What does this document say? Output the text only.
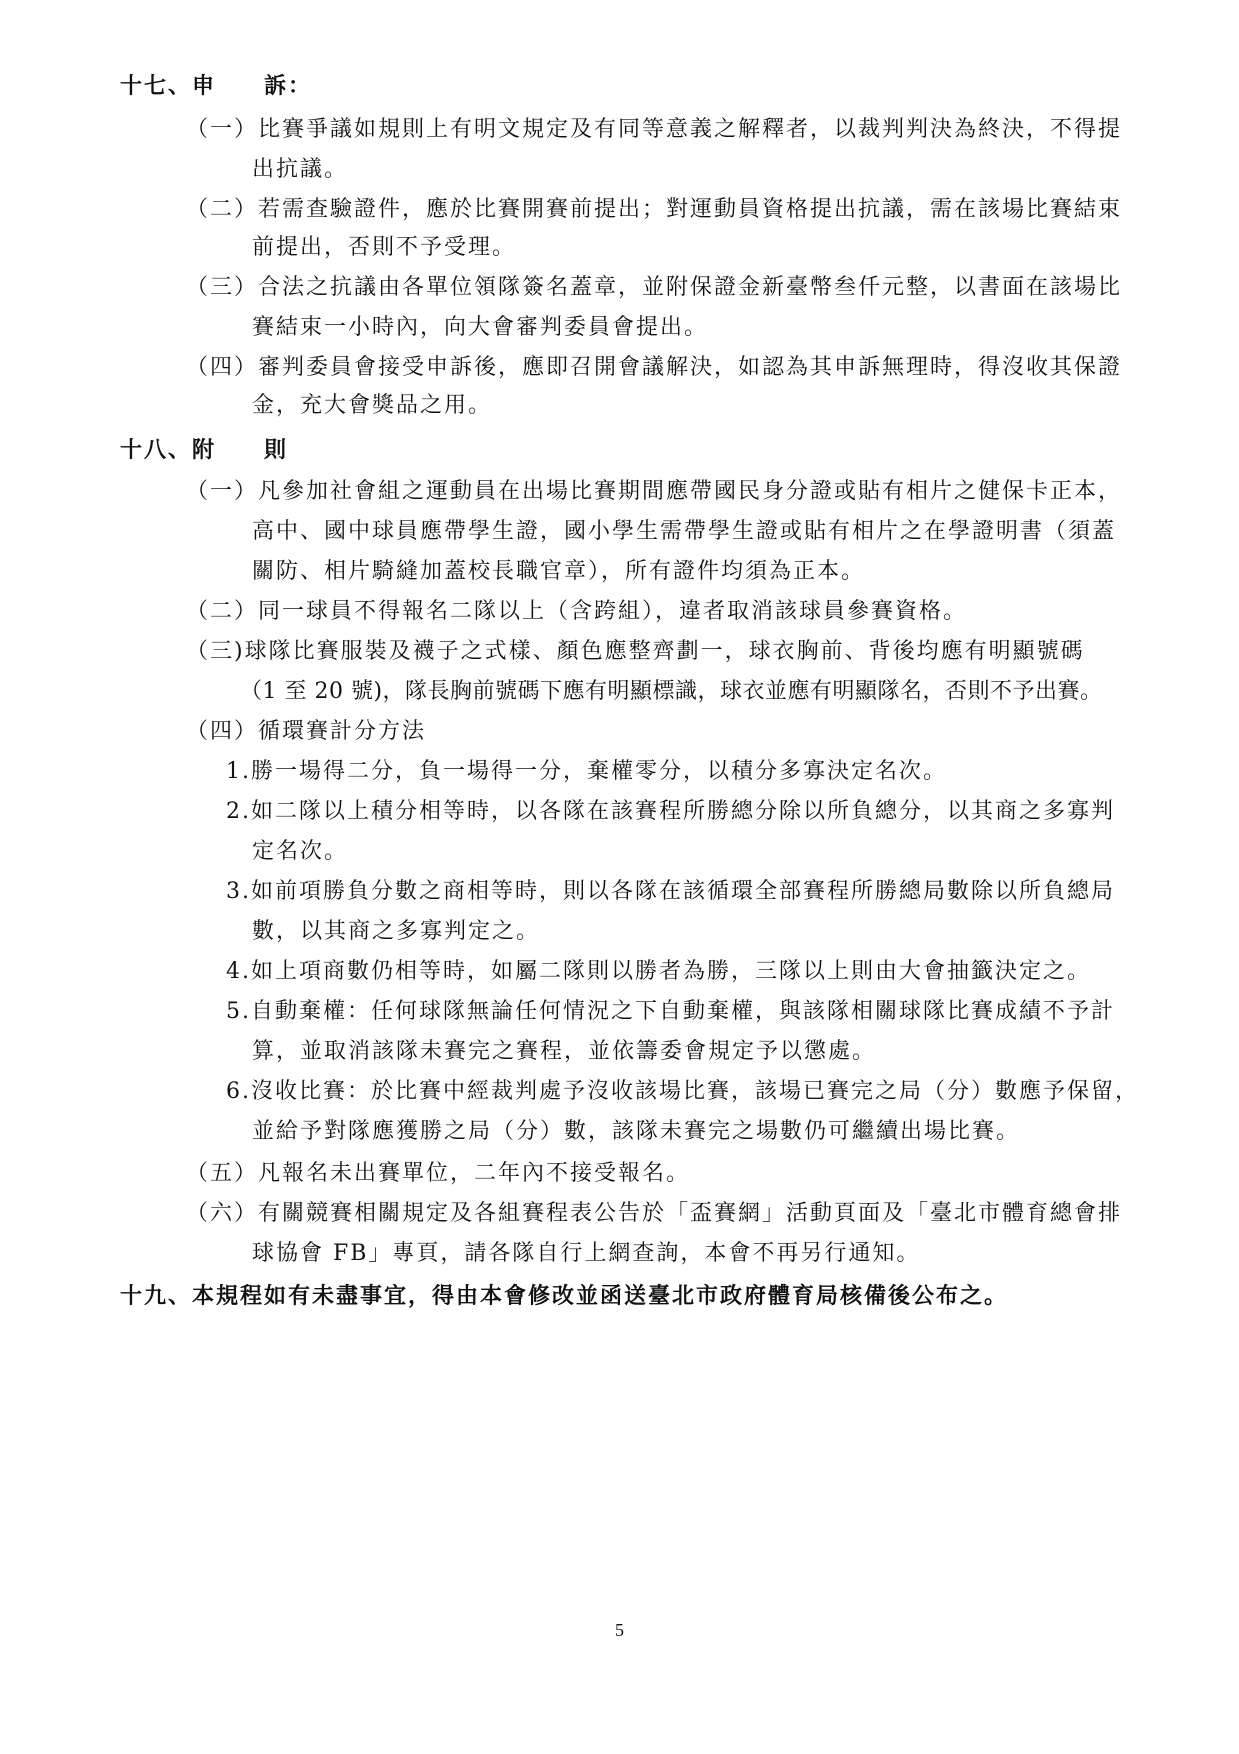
十七、申　　訴：
（一）比賽爭議如規則上有明文規定及有同等意義之解釋者，以裁判判決為終決，不得提
出抗議。
（二）若需查驗證件，應於比賽開賽前提出；對運動員資格提出抗議，需在該場比賽結束
前提出，否則不予受理。
（三）合法之抗議由各單位領隊簽名蓋章，並附保證金新臺幣叁仟元整，以書面在該場比
賽結束一小時內，向大會審判委員會提出。
（四）審判委員會接受申訴後，應即召開會議解決，如認為其申訴無理時，得沒收其保證
金，充大會獎品之用。
十八、附　　則
（一）凡參加社會組之運動員在出場比賽期間應帶國民身分證或貼有相片之健保卡正本，
高中、國中球員應帶學生證，國小學生需帶學生證或貼有相片之在學證明書（須蓋
關防、相片騎縫加蓋校長職官章），所有證件均須為正本。
（二）同一球員不得報名二隊以上（含跨組），違者取消該球員參賽資格。
（三)球隊比賽服裝及襪子之式樣、顏色應整齊劃一，球衣胸前、背後均應有明顯號碼
（1 至 20 號)，隊長胸前號碼下應有明顯標識，球衣並應有明顯隊名，否則不予出賽。
（四）循環賽計分方法
1.勝一場得二分，負一場得一分，棄權零分，以積分多寡決定名次。
2.如二隊以上積分相等時，以各隊在該賽程所勝總分除以所負總分，以其商之多寡判
定名次。
3.如前項勝負分數之商相等時，則以各隊在該循環全部賽程所勝總局數除以所負總局
數，以其商之多寡判定之。
4.如上項商數仍相等時，如屬二隊則以勝者為勝，三隊以上則由大會抽籤決定之。
5.自動棄權：任何球隊無論任何情況之下自動棄權，與該隊相關球隊比賽成績不予計
算，並取消該隊未賽完之賽程，並依籌委會規定予以懲處。
6.沒收比賽：於比賽中經裁判處予沒收該場比賽，該場已賽完之局（分）數應予保留，
並給予對隊應獲勝之局（分）數，該隊未賽完之場數仍可繼續出場比賽。
（五）凡報名未出賽單位，二年內不接受報名。
（六）有關競賽相關規定及各組賽程表公告於「盃賽網」活動頁面及「臺北市體育總會排
球協會 FB」專頁，請各隊自行上網查詢，本會不再另行通知。
十九、本規程如有未盡事宜，得由本會修改並函送臺北市政府體育局核備後公布之。
5
